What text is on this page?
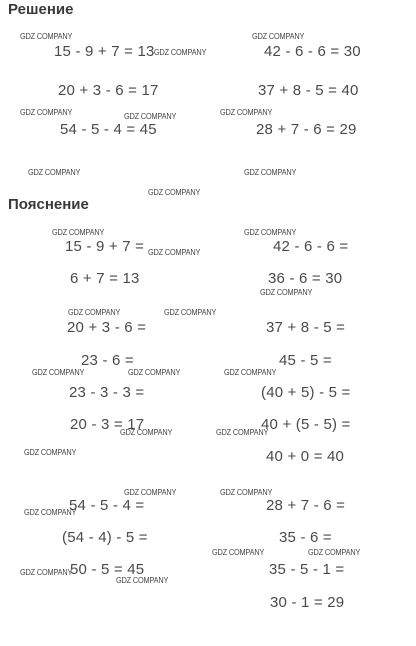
Решение
15 - 9 + 7 = 13
20 + 3 - 6 = 17
54 - 5 - 4 = 45
42 - 6 - 6 = 30
37 + 8 - 5 = 40
28 + 7 - 6 = 29
Пояснение
15 - 9 + 7 =
6 + 7 = 13
20 + 3 - 6 =
23 - 6 =
23 - 3 - 3 =
20 - 3 = 17
54 - 5 - 4 =
(54 - 4) - 5 =
50 - 5 = 45
42 - 6 - 6 =
36 - 6 = 30
37 + 8 - 5 =
45 - 5 =
(40 + 5) - 5 =
40 + (5 - 5) =
40 + 0 = 40
28 + 7 - 6 =
35 - 6 =
35 - 5 - 1 =
30 - 1 = 29
GDZ COMPANY	GDZ COMPANY
GDZ COMPANY
GDZ COMPANY	GDZ COMPANY
GDZ COMPANY
GDZ COMPANY	GDZ COMPANY
GDZ COMPANY
GDZ COMPANY	GDZ COMPANY
GDZ COMPANY
GDZ COMPANY
GDZ COMPANY	GDZ COMPANY
GDZ COMPANY	GDZ COMPANY	GDZ COMPANY
GDZ COMPANY	GDZ COMPANY
GDZ COMPANY
GDZ COMPANY	GDZ COMPANY
GDZ COMPANY
GDZ COMPANY	GDZ COMPANY
GDZ COMPANY
GDZ COMPANY
